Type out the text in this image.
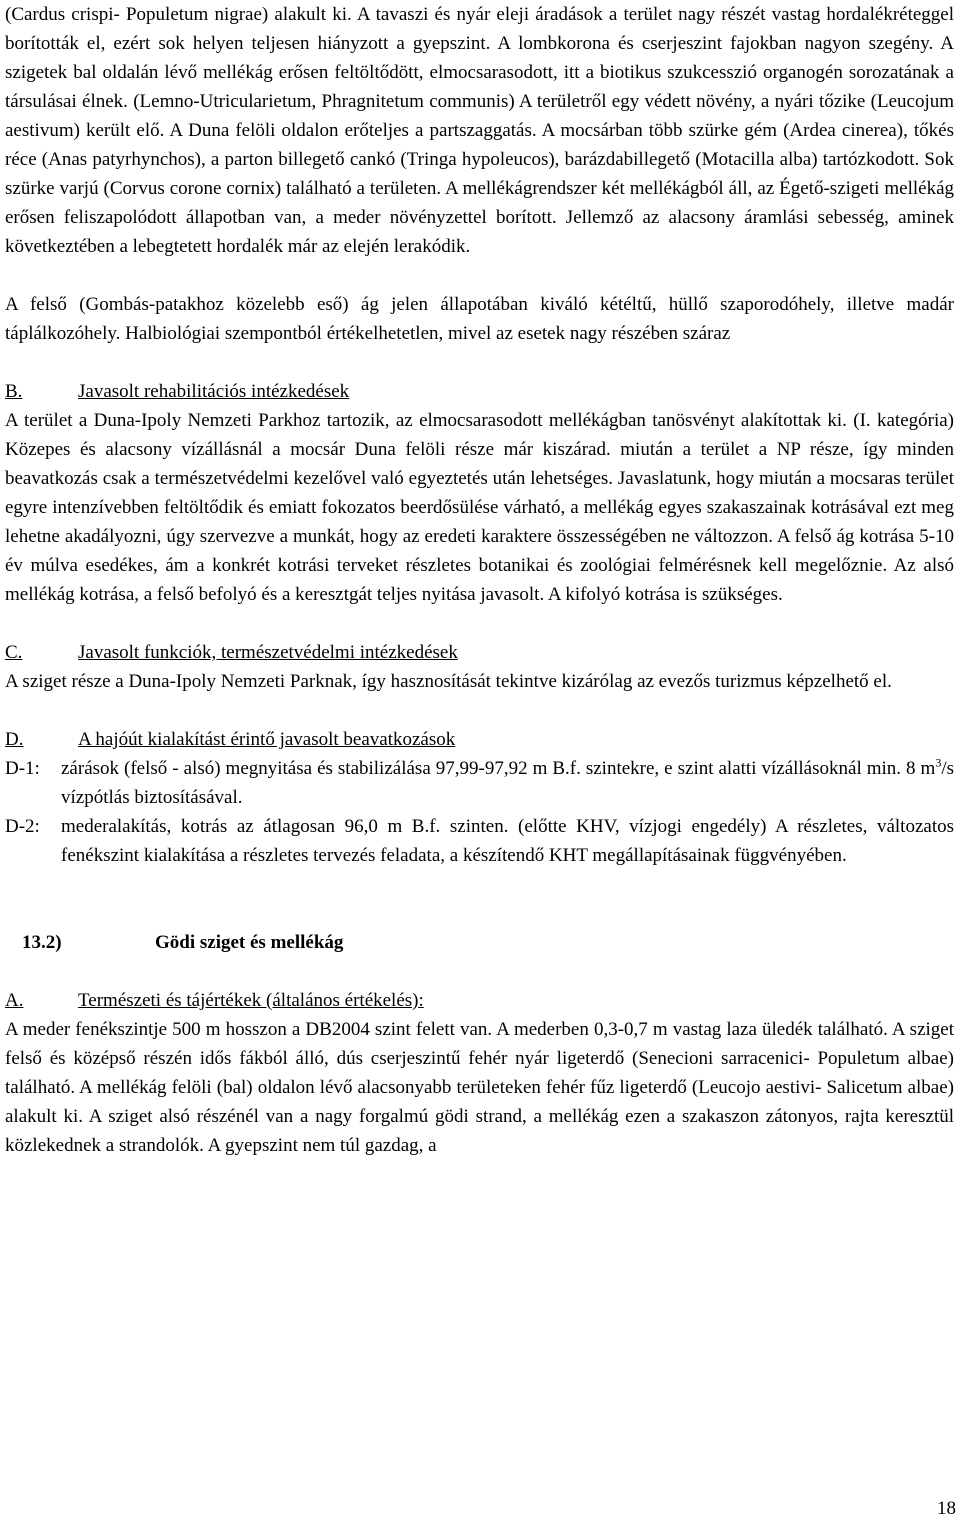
(Cardus crispi- Populetum nigrae) alakult ki. A tavaszi és nyár eleji áradások a terület nagy részét vastag hordalékréteggel borították el, ezért sok helyen teljesen hiányzott a gyepszint. A lombkorona és cserjeszint fajokban nagyon szegény. A szigetek bal oldalán lévő mellékág erősen feltöltődött, elmocsarasodott, itt a biotikus szukcesszió organogén sorozatának a társulásai élnek. (Lemno-Utricularietum, Phragnitetum communis) A területről egy védett növény, a nyári tőzike (Leucojum aestivum) került elő. A Duna felöli oldalon erőteljes a partszaggatás. A mocsárban több szürke gém (Ardea cinerea), tőkés réce (Anas patyrhynchos), a parton billegető cankó (Tringa hypoleucos), barázdabillegető (Motacilla alba) tartózkodott. Sok szürke varjú (Corvus corone cornix) található a területen. A mellékágrendszer két mellékágból áll, az Égető-szigeti mellékág erősen feliszapolódott állapotban van, a meder növényzettel borított. Jellemző az alacsony áramlási sebesség, aminek következtében a lebegtetett hordalék már az elején lerakódik.

A felső (Gombás-patakhoz közelebb eső) ág jelen állapotában kiváló kétéltű, hüllő szaporodóhely, illetve madár táplálkozóhely. Halbiológiai szempontból értékelhetetlen, mivel az esetek nagy részében száraz

B.	Javasolt rehabilitációs intézkedések

A terület a Duna-Ipoly Nemzeti Parkhoz tartozik, az elmocsarasodott mellékágban tanösvényt alakítottak ki. (I. kategória) Közepes és alacsony vízállásnál a mocsár Duna felöli része már kiszárad. miután a terület a NP része, így minden beavatkozás csak a természetvédelmi kezelővel való egyeztetés után lehetséges. Javaslatunk, hogy miután a mocsaras terület egyre intenzívebben feltöltődik és emiatt fokozatos beerdősülése várható, a mellékág egyes szakaszainak kotrásával ezt meg lehetne akadályozni, úgy szervezve a munkát, hogy az eredeti karaktere összességében ne változzon. A felső ág kotrása 5-10 év múlva esedékes, ám a konkrét kotrási terveket részletes botanikai és zoológiai felmérésnek kell megelőznie. Az alsó mellékág kotrása, a felső befolyó és a keresztgát teljes nyitása javasolt. A kifolyó kotrása is szükséges.

C.	Javasolt funkciók, természetvédelmi intézkedések

A sziget része a Duna-Ipoly Nemzeti Parknak, így hasznosítását tekintve kizárólag az evezős turizmus képzelhető el.

D.	A hajóút kialakítást érintő javasolt beavatkozások
D-1:	zárások (felső - alsó) megnyitása és stabilizálása 97,99-97,92 m B.f. szintekre, e szint alatti vízállásoknál min. 8 $m^3/s$ vízpótlás biztosításával.
D-2:	mederalakítás, kotrás az átlagosan 96,0 m B.f. szinten. (előtte KHV, vízjogi engedély) A részletes, változatos fenékszint kialakítása a részletes tervezés feladata, a készítendő KHT megállapításainak függvényében.
13.2)	Gödi sziget és mellékág
A.	Természeti és tájértékek (általános értékelés):

A meder fenékszintje 500 m hosszon a DB2004 szint felett van. A mederben 0,3-0,7 m vastag laza üledék található. A sziget felső és középső részén idős fákból álló, dús cserjeszintű fehér nyár ligeterdő (Senecioni sarracenici- Populetum albae) található. A mellékág felöli (bal) oldalon lévő alacsonyabb területeken fehér fűz ligeterdő (Leucojo aestivi- Salicetum albae) alakult ki. A sziget alsó részénél van a nagy forgalmú gödi strand, a mellékág ezen a szakaszon zátonyos, rajta keresztül közlekednek a strandolók. A gyepszint nem túl gazdag, a

18
